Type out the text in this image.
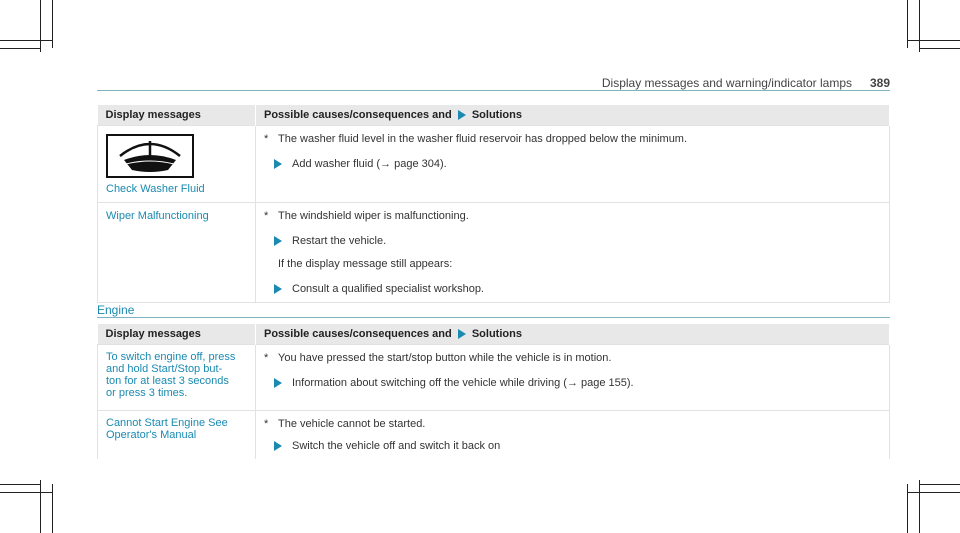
Display messages and warning/indicator lamps 389
Display messages	Possible causes/consequences and Solutions

Check Washer Fluid	* The washer fluid level in the washer fluid reservoir has dropped below the minimum.
Add washer fluid (→ page 304).

Wiper Malfunctioning	* The windshield wiper is malfunctioning.
Restart the vehicle.
If the display message still appears:
Consult a qualified specialist workshop.
Engine
Display messages	Possible causes/consequences and Solutions

To switch engine off, press
and hold Start/Stop but-
ton for at least 3 seconds
or press 3 times.	* You have pressed the start/stop button while the vehicle is in motion.
Information about switching off the vehicle while driving (→ page 155).

Cannot Start Engine See
Operator's Manual	* The vehicle cannot be started.
Switch the vehicle off and switch it back on
